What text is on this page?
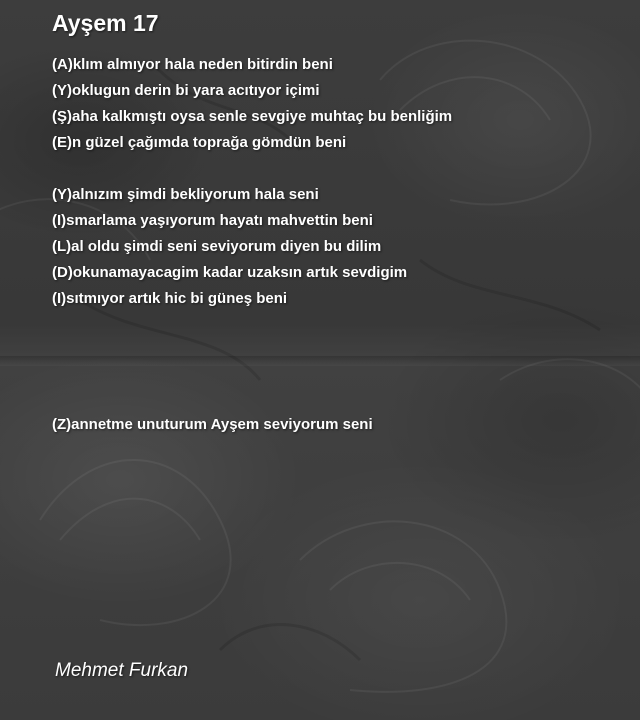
Ayşem 17
(A)klım almıyor hala neden bitirdin beni
(Y)oklugun derin bi yara acıtıyor içimi
(Ş)aha kalkmıştı oysa senle sevgiye muhtaç bu benliğim
(E)n güzel çağımda toprağa gömdün beni
(Y)alnızım şimdi bekliyorum hala seni
(I)smarlama yaşıyorum hayatı mahvettin beni
(L)al oldu şimdi seni seviyorum diyen bu dilim
(D)okunamayacagim kadar uzaksın artık sevdigim
(I)sıtmıyor artık hic bi güneş beni
(Z)annetme unuturum Ayşem seviyorum seni
Mehmet Furkan
